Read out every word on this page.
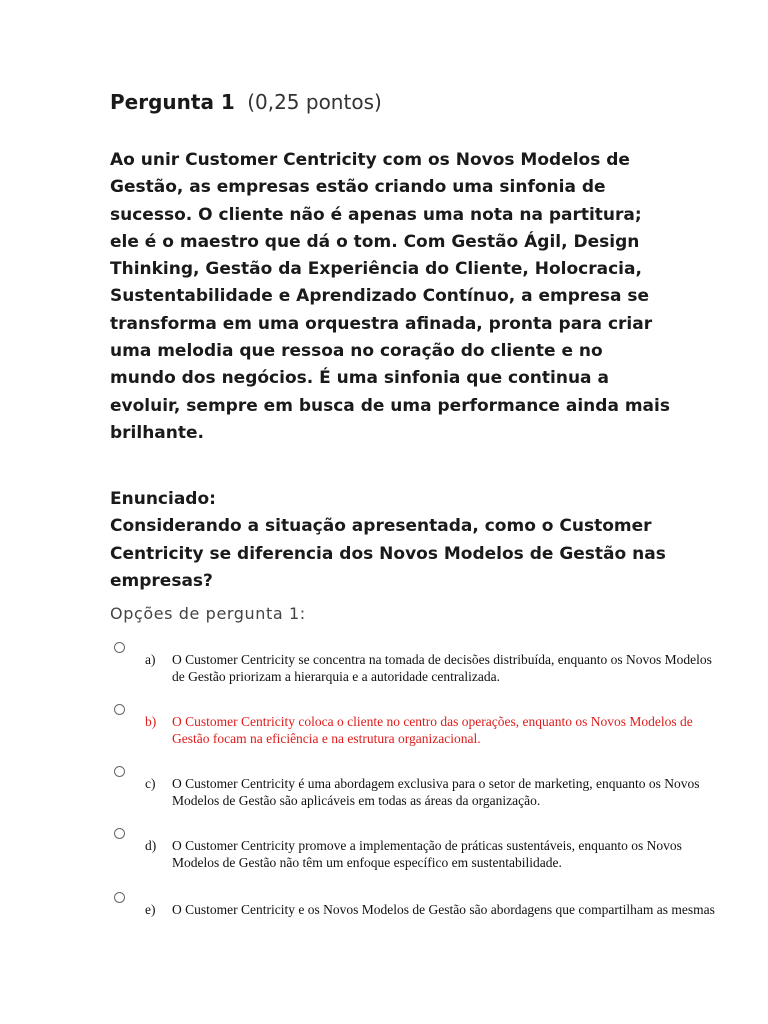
Pergunta 1 (0,25 pontos)
Ao unir Customer Centricity com os Novos Modelos de Gestão, as empresas estão criando uma sinfonia de sucesso. O cliente não é apenas uma nota na partitura; ele é o maestro que dá o tom. Com Gestão Ágil, Design Thinking, Gestão da Experiência do Cliente, Holocracia, Sustentabilidade e Aprendizado Contínuo, a empresa se transforma em uma orquestra afinada, pronta para criar uma melodia que ressoa no coração do cliente e no mundo dos negócios. É uma sinfonia que continua a evoluir, sempre em busca de uma performance ainda mais brilhante.
Enunciado:
Considerando a situação apresentada, como o Customer Centricity se diferencia dos Novos Modelos de Gestão nas empresas?
Opções de pergunta 1:
a) O Customer Centricity se concentra na tomada de decisões distribuída, enquanto os Novos Modelos
de Gestão priorizam a hierarquia e a autoridade centralizada.
b) O Customer Centricity coloca o cliente no centro das operações, enquanto os Novos Modelos de
Gestão focam na eficiência e na estrutura organizacional.
c) O Customer Centricity é uma abordagem exclusiva para o setor de marketing, enquanto os Novos
Modelos de Gestão são aplicáveis em todas as áreas da organização.
d) O Customer Centricity promove a implementação de práticas sustentáveis, enquanto os Novos
Modelos de Gestão não têm um enfoque específico em sustentabilidade.
e) O Customer Centricity e os Novos Modelos de Gestão são abordagens que compartilham as mesmas
